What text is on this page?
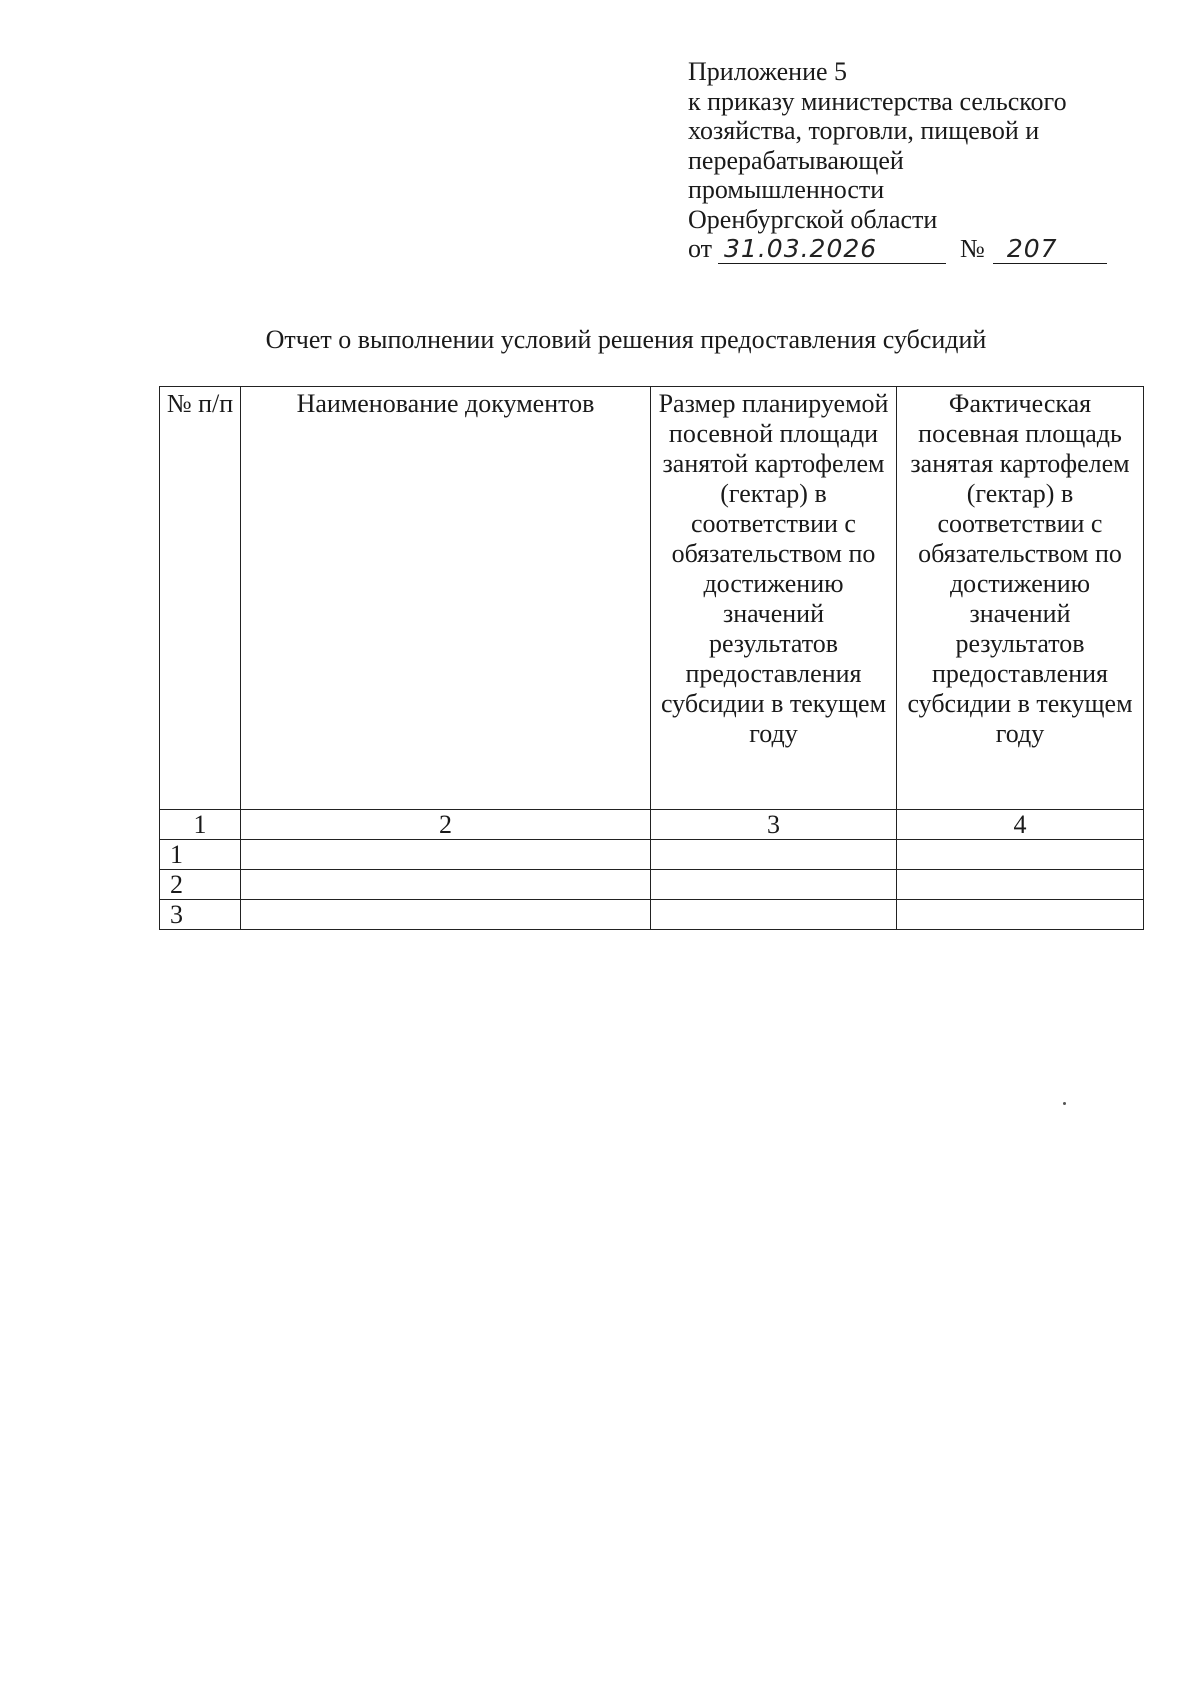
Приложение 5
к приказу министерства сельского
хозяйства, торговли, пищевой и
перерабатывающей
промышленности
Оренбургской области
от 31.03.2026	№ 207
Отчет о выполнении условий решения предоставления субсидий
№ п/п	Наименование документов	Размер планируемой посевной площади занятой картофелем (гектар) в соответствии с обязательством по достижению значений результатов предоставления субсидии в текущем году	Фактическая посевная площадь занятая картофелем (гектар) в соответствии с обязательством по достижению значений результатов предоставления субсидии в текущем году

1	2	3	4
1			
2			
3			
